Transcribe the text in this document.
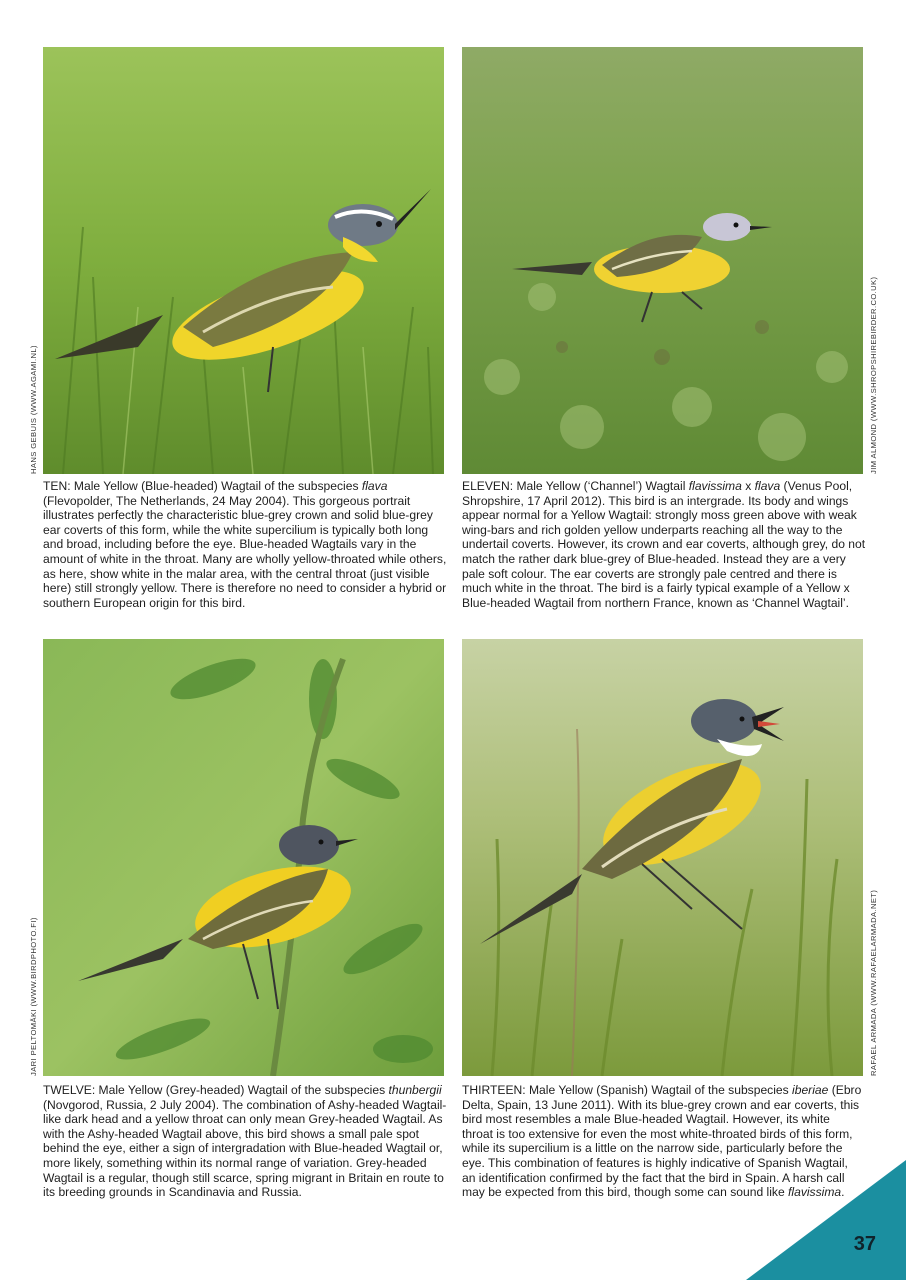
HANS GEBUIS (WWW.AGAMI.NL)	JIM ALMOND (WWW.SHROPSHIREBIRDER.CO.UK)
JARI PELTOMÄKI (WWW.BIRDPHOTO.FI)	RAFAEL ARMADA (WWW.RAFAELARMADA.NET)
TEN: Male Yellow (Blue-headed) Wagtail of the subspecies flava (Flevopolder, The Netherlands, 24 May 2004). This gorgeous portrait illustrates perfectly the characteristic blue-grey crown and solid blue-grey ear coverts of this form, while the white supercilium is typically both long and broad, including before the eye. Blue-headed Wagtails vary in the amount of white in the throat. Many are wholly yellow-throated while others, as here, show white in the malar area, with the central throat (just visible here) still strongly yellow. There is therefore no need to consider a hybrid or southern European origin for this bird.
ELEVEN: Male Yellow (‘Channel’) Wagtail flavissima x flava (Venus Pool, Shropshire, 17 April 2012). This bird is an intergrade. Its body and wings appear normal for a Yellow Wagtail: strongly moss green above with weak wing-bars and rich golden yellow underparts reaching all the way to the undertail coverts. However, its crown and ear coverts, although grey, do not match the rather dark blue-grey of Blue-headed. Instead they are a very pale soft colour. The ear coverts are strongly pale centred and there is much white in the throat. The bird is a fairly typical example of a Yellow x Blue-headed Wagtail from northern France, known as ‘Channel Wagtail’.
TWELVE: Male Yellow (Grey-headed) Wagtail of the subspecies thunbergii (Novgorod, Russia, 2 July 2004). The combination of Ashy-headed Wagtail-like dark head and a yellow throat can only mean Grey-headed Wagtail. As with the Ashy-headed Wagtail above, this bird shows a small pale spot behind the eye, either a sign of intergradation with Blue-headed Wagtail or, more likely, something within its normal range of variation. Grey-headed Wagtail is a regular, though still scarce, spring migrant in Britain en route to its breeding grounds in Scandinavia and Russia.
THIRTEEN: Male Yellow (Spanish) Wagtail of the subspecies iberiae (Ebro Delta, Spain, 13 June 2011). With its blue-grey crown and ear coverts, this bird most resembles a male Blue-headed Wagtail. However, its white throat is too extensive for even the most white-throated birds of this form, while its supercilium is a little on the narrow side, particularly before the eye. This combination of features is highly indicative of Spanish Wagtail, an identification confirmed by the fact that the bird in Spain. A harsh call may be expected from this bird, though some can sound like flavissima.
37
